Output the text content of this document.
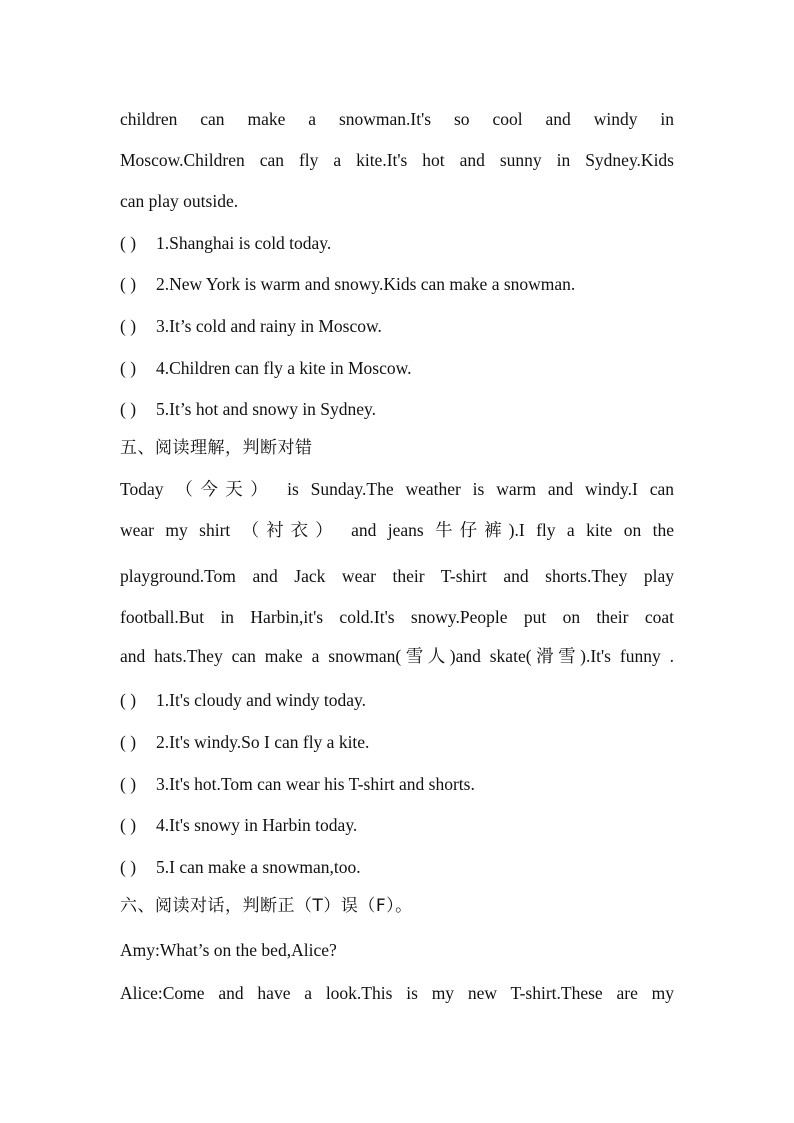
children can make a snowman.It's so cool and windy in
Moscow.Children can fly a kite.It's hot and sunny in Sydney.Kids
can play outside.
( )	1.Shanghai is cold today.
( )	2.New York is warm and snowy.Kids can make a snowman.
( )	3.It’s cold and rainy in Moscow.
( )	4.Children can fly a kite in Moscow.
( )	5.It’s hot and snowy in Sydney.
五、阅读理解，判断对错
Today （今天） is Sunday.The weather is warm and windy.I can
wear my shirt （衬衣） and jeans 牛仔裤).I fly a kite on the
playground.Tom and Jack wear their T-shirt and shorts.They play
football.But in Harbin,it's cold.It's snowy.People put on their coat
and hats.They can make a snowman(雪人)and skate(滑雪).It's funny .
( )	1.It's cloudy and windy today.
( )	2.It's windy.So I can fly a kite.
( )	3.It's hot.Tom can wear his T-shirt and shorts.
( )	4.It's snowy in Harbin today.
( )	5.I can make a snowman,too.
六、阅读对话，判断正（T）误（F）。
Amy:What’s on the bed,Alice?
Alice:Come and have a look.This is my new T-shirt.These are my
